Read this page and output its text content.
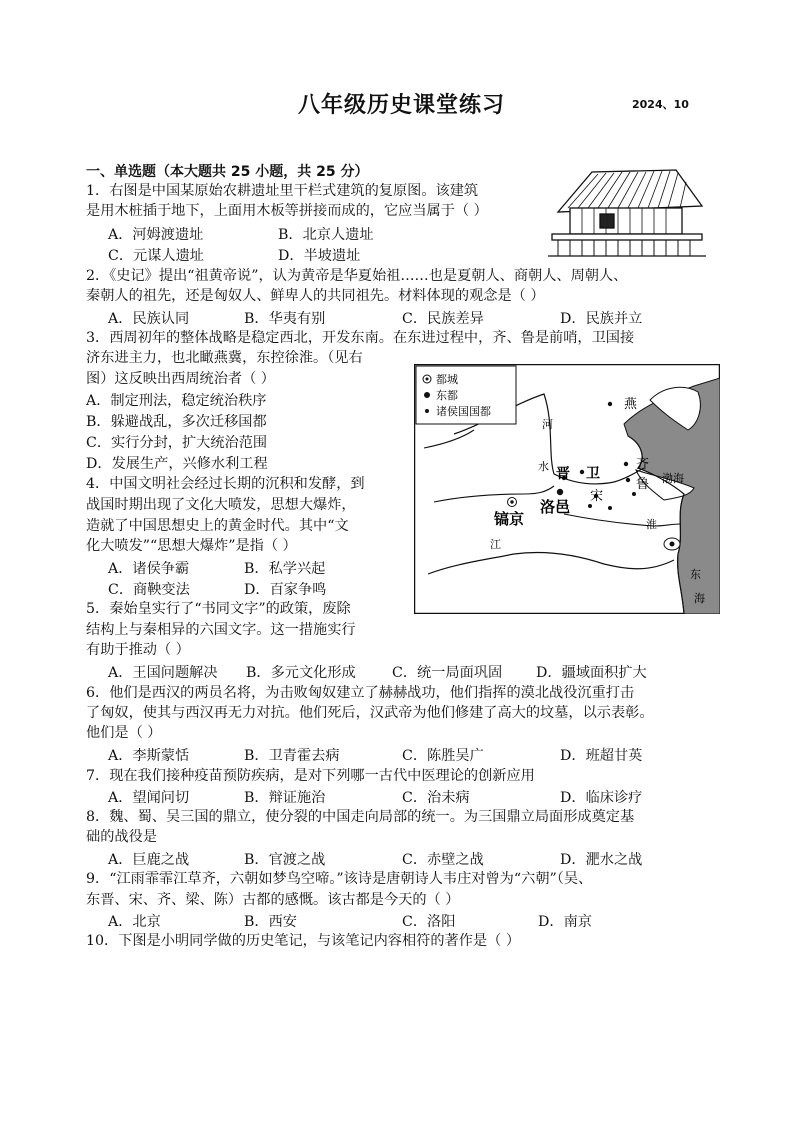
八年级历史课堂练习	2024、10
一、单选题（本大题共 25 小题，共 25 分）
1．右图是中国某原始农耕遗址里干栏式建筑的复原图。该建筑
是用木桩插于地下，上面用木板等拼接而成的，它应当属于（ ）
A．河姆渡遗址	B．北京人遗址
C．元谋人遗址	D．半坡遗址
2．《史记》提出“祖黄帝说”，认为黄帝是华夏始祖……也是夏朝人、商朝人、周朝人、
秦朝人的祖先，还是匈奴人、鲜卑人的共同祖先。材料体现的观念是（ ）
A．民族认同	B．华夷有别	C．民族差异	D．民族并立
3．西周初年的整体战略是稳定西北，开发东南。在东进过程中，齐、鲁是前哨，卫国接
济东进主力，也北瞰燕冀，东控徐淮。（见右
图）这反映出西周统治者（ ）
A．制定刑法，稳定统治秩序
B．躲避战乱，多次迁移国都
C．实行分封，扩大统治范围
D．发展生产，兴修水利工程
都城
东都
诸侯国国都
镐京
洛邑
燕
卫
晋
齐
鲁
宋
河
水
淮
江
渤海
东
海
4．中国文明社会经过长期的沉积和发酵，到
战国时期出现了文化大喷发，思想大爆炸，
造就了中国思想史上的黄金时代。其中“文
化大喷发”“思想大爆炸”是指（ ）
A．诸侯争霸	B．私学兴起
C．商鞅变法	D．百家争鸣
5．秦始皇实行了“书同文字”的政策，废除
结构上与秦相异的六国文字。这一措施实行
有助于推动（ ）
A．王国问题解决 B．多元文化形成	C．统一局面巩固 D．疆域面积扩大
6．他们是西汉的两员名将，为击败匈奴建立了赫赫战功，他们指挥的漠北战役沉重打击
了匈奴，使其与西汉再无力对抗。他们死后，汉武帝为他们修建了高大的坟墓，以示表彰。
他们是（ ）
A．李斯蒙恬	B．卫青霍去病	C．陈胜吴广	D．班超甘英
7．现在我们接种疫苗预防疾病，是对下列哪一古代中医理论的创新应用
A．望闻问切	B．辩证施治	C．治未病	D．临床诊疗
8．魏、蜀、吴三国的鼎立，使分裂的中国走向局部的统一。为三国鼎立局面形成奠定基
础的战役是
A．巨鹿之战	B．官渡之战	C．赤壁之战	D．淝水之战
9．“江雨霏霏江草齐，六朝如梦鸟空啼。”该诗是唐朝诗人韦庄对曾为“六朝”（吴、
东晋、宋、齐、梁、陈）古都的感慨。该古都是今天的（ ）
A．北京	B．西安	C．洛阳	D．南京
10．下图是小明同学做的历史笔记，与该笔记内容相符的著作是（ ）
